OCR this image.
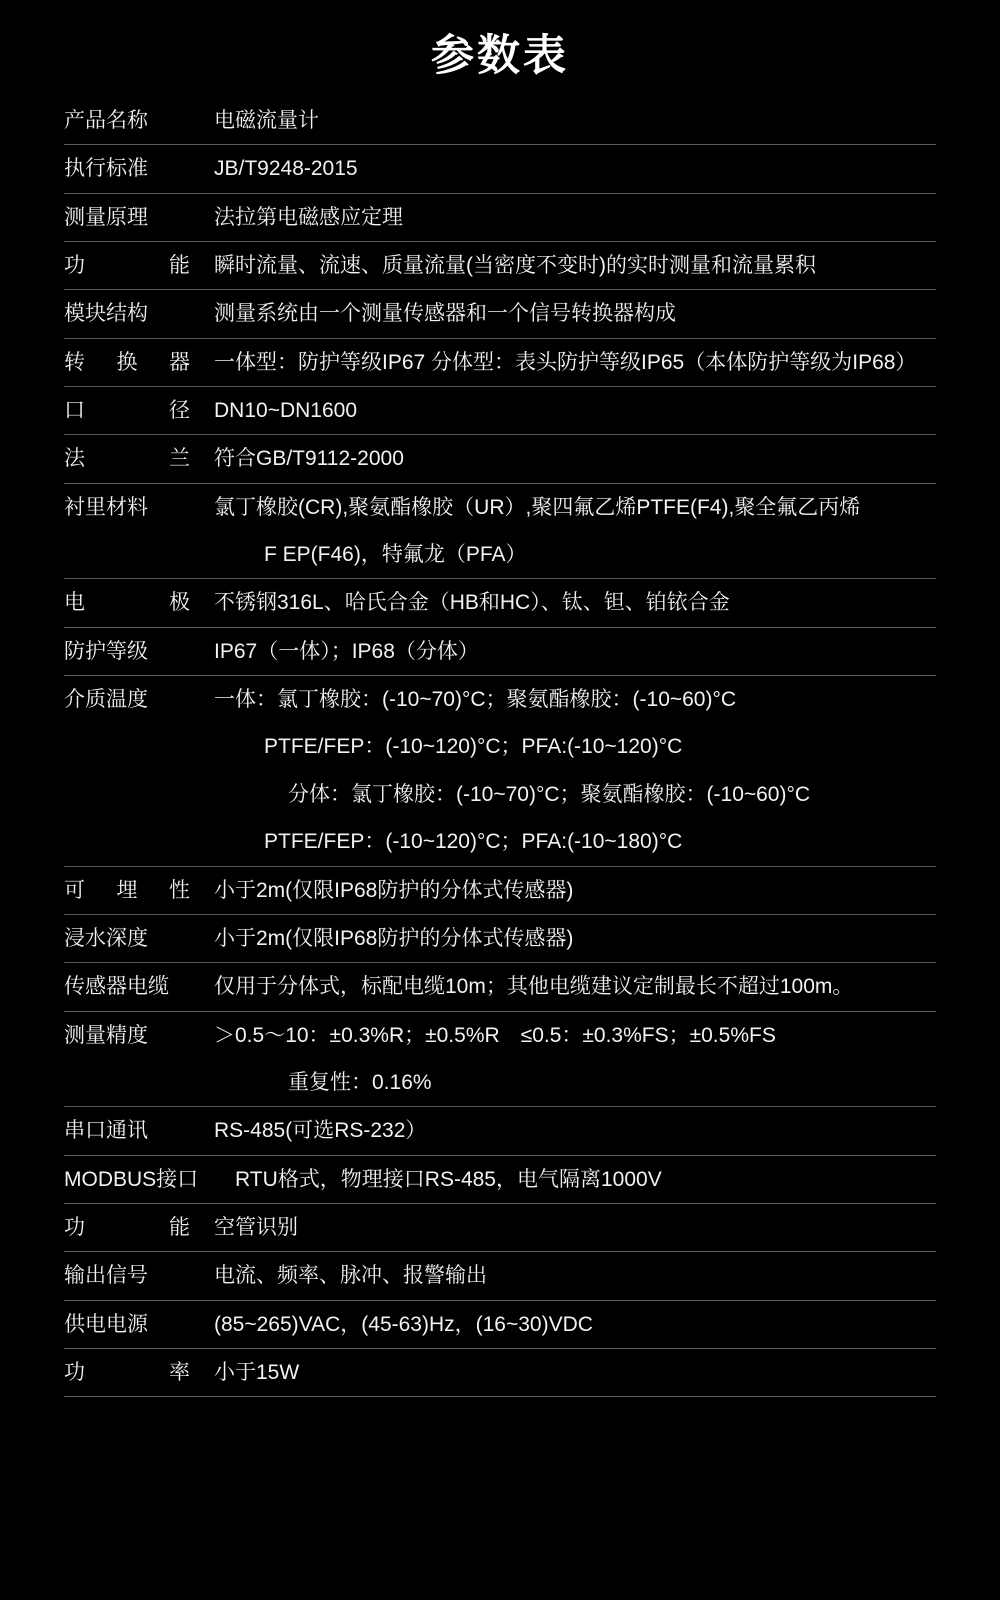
参数表
产品名称	电磁流量计
执行标准	JB/T9248-2015
测量原理	法拉第电磁感应定理
功　　能	瞬时流量、流速、质量流量(当密度不变时)的实时测量和流量累积
模块结构	测量系统由一个测量传感器和一个信号转换器构成
转 换 器	一体型：防护等级IP67 分体型：表头防护等级IP65（本体防护等级为IP68）
口　　径	DN10~DN1600
法　　兰	符合GB/T9112-2000
衬里材料	氯丁橡胶(CR),聚氨酯橡胶（UR）,聚四氟乙烯PTFE(F4),聚全氟乙丙烯
	F EP(F46)，特氟龙（PFA）
电　　极	不锈钢316L、哈氏合金（HB和HC）、钛、钽、铂铱合金
防护等级	IP67（一体）；IP68（分体）
介质温度	一体：氯丁橡胶：(-10~70)°C；聚氨酯橡胶：(-10~60)°C
	PTFE/FEP：(-10~120)°C；PFA:(-10~120)°C
	分体：氯丁橡胶：(-10~70)°C；聚氨酯橡胶：(-10~60)°C
	PTFE/FEP：(-10~120)°C；PFA:(-10~180)°C
可 埋 性	小于2m(仅限IP68防护的分体式传感器)
浸水深度	小于2m(仅限IP68防护的分体式传感器)
传感器电缆	仅用于分体式，标配电缆10m；其他电缆建议定制最长不超过100m。
测量精度	＞0.5～10：±0.3%R；±0.5%R　≤0.5：±0.3%FS；±0.5%FS
	重复性：0.16%
串口通讯	RS-485(可选RS-232）
MODBUS接口	　RTU格式，物理接口RS-485，电气隔离1000V
功　　能	空管识别
输出信号	电流、频率、脉冲、报警输出
供电电源	(85~265)VAC，(45-63)Hz，(16~30)VDC
功　　率	小于15W
